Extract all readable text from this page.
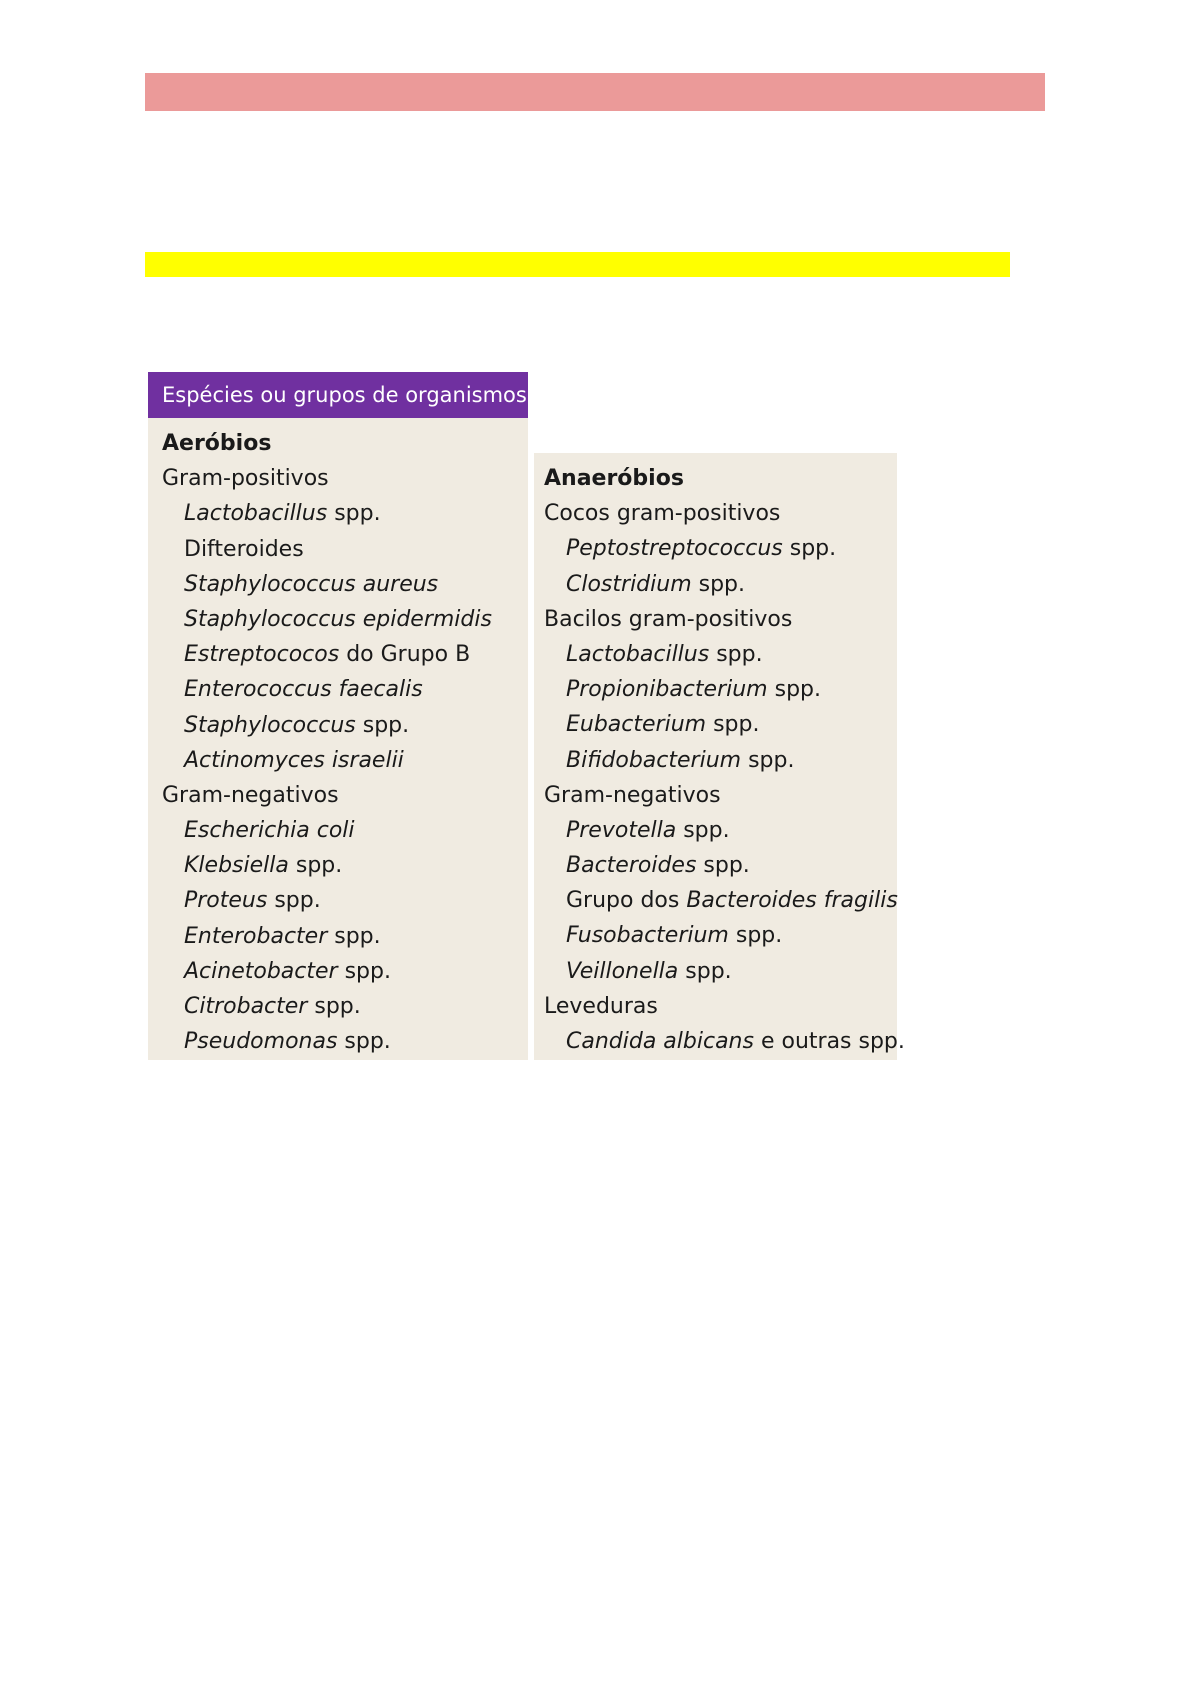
Espécies ou grupos de organismos
Aeróbios
Gram-positivos
Lactobacillus spp.
Difteroides
Staphylococcus aureus
Staphylococcus epidermidis
Estreptococos do Grupo B
Enterococcus faecalis
Staphylococcus spp.
Actinomyces israelii
Gram-negativos
Escherichia coli
Klebsiella spp.
Proteus spp.
Enterobacter spp.
Acinetobacter spp.
Citrobacter spp.
Pseudomonas spp.
Anaeróbios
Cocos gram-positivos
Peptostreptococcus spp.
Clostridium spp.
Bacilos gram-positivos
Lactobacillus spp.
Propionibacterium spp.
Eubacterium spp.
Bifidobacterium spp.
Gram-negativos
Prevotella spp.
Bacteroides spp.
Grupo dos Bacteroides fragilis
Fusobacterium spp.
Veillonella spp.
Leveduras
Candida albicans e outras spp.
